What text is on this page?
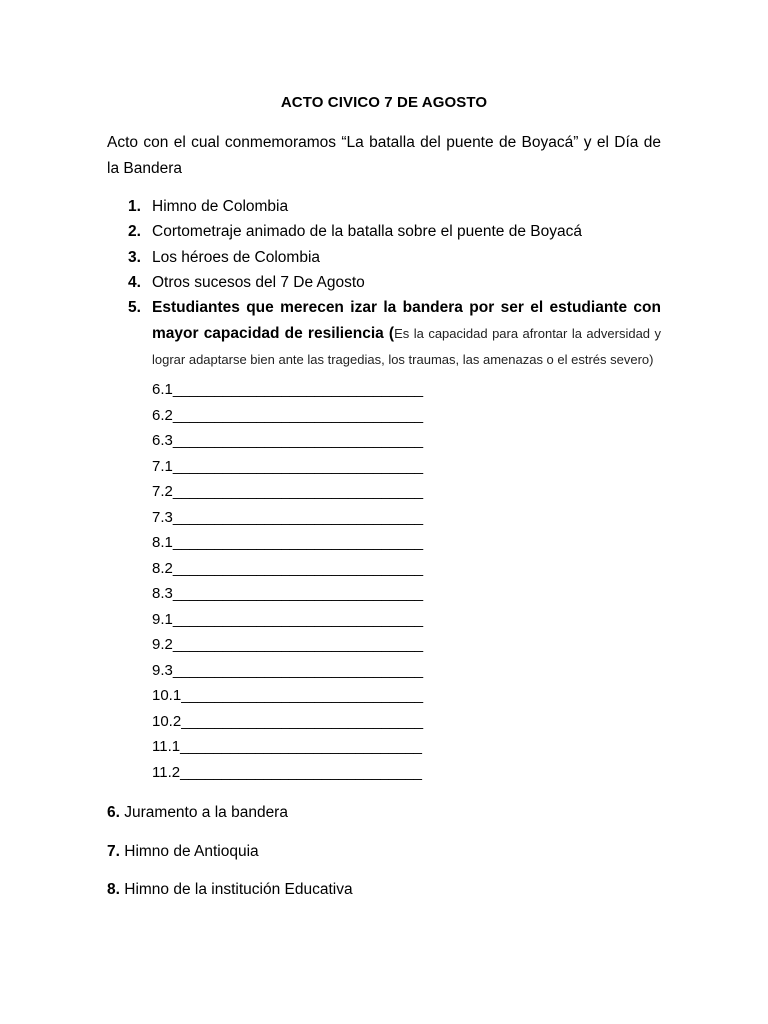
ACTO CIVICO 7 DE AGOSTO
Acto con el cual conmemoramos “La batalla del puente de Boyacá” y el Día de la Bandera
1. Himno de Colombia
2. Cortometraje animado de la batalla sobre el puente de Boyacá
3. Los héroes de Colombia
4. Otros sucesos del 7 De Agosto
5. Estudiantes que merecen izar la bandera por ser el estudiante con mayor capacidad de resiliencia (Es la capacidad para afrontar la adversidad y lograr adaptarse bien ante las tragedias, los traumas, las amenazas o el estrés severo)
6.1 ______________________________
6.2 ______________________________
6.3 ______________________________
7.1 ______________________________
7.2 ______________________________
7.3 ______________________________
8.1 ______________________________
8.2 ______________________________
8.3 ______________________________
9.1 ______________________________
9.2 ______________________________
9.3 ______________________________
10.1 _____________________________
10.2 _____________________________
11.1 _____________________________
11.2 _____________________________
6. Juramento a la bandera
7. Himno de Antioquia
8. Himno de la institución Educativa
